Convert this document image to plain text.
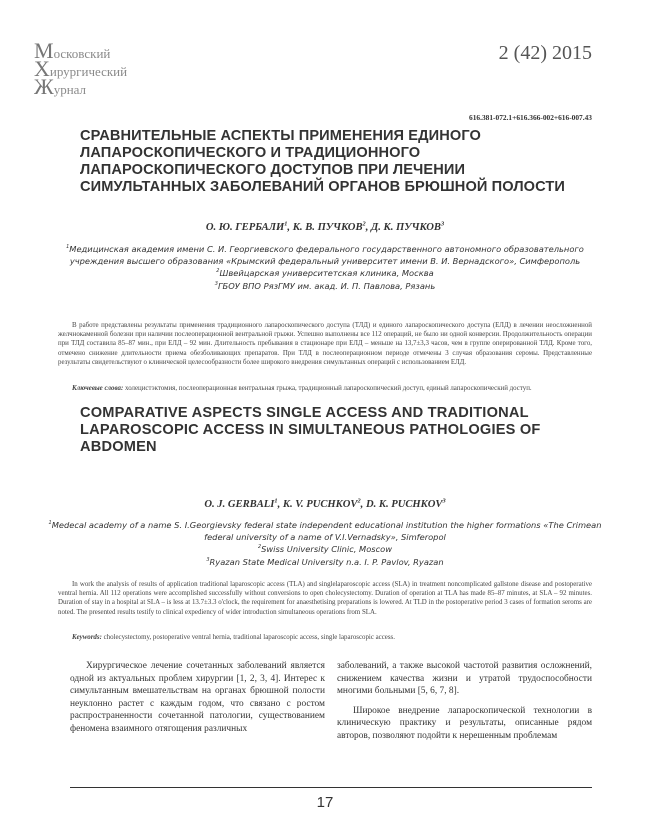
Московский
Хирургический
Журнал
2 (42) 2015
616.381-072.1+616.366-002+616-007.43
СРАВНИТЕЛЬНЫЕ АСПЕКТЫ ПРИМЕНЕНИЯ ЕДИНОГО ЛАПАРОСКОПИЧЕСКОГО И ТРАДИЦИОННОГО ЛАПАРОСКОПИЧЕСКОГО ДОСТУПОВ ПРИ ЛЕЧЕНИИ СИМУЛЬТАННЫХ ЗАБОЛЕВАНИЙ ОРГАНОВ БРЮШНОЙ ПОЛОСТИ
О. Ю. ГЕРБАЛИ$^1$, К. В. ПУЧКОВ$^2$, Д. К. ПУЧКОВ$^3$
$^1$Медицинская академия имени С. И. Георгиевского федерального государственного автономного образовательного учреждения высшего образования «Крымский федеральный университет имени В. И. Вернадского», Симферополь
$^2$Швейцарская университетская клиника, Москва
$^3$ГБОУ ВПО РязГМУ им. акад. И. П. Павлова, Рязань
В работе представлены результаты применения традиционного лапароскопического доступа (ТЛД) и единого лапароскопического доступа (ЕЛД) в лечении неосложненной желчнокаменной болезни при наличии послеоперационной вентральной грыжи. Успешно выполнены все 112 операций, не было ни одной конверсии. Продолжительность операции при ТЛД составила 85–87 мин., при ЕЛД – 92 мин. Длительность пребывания в стационаре при ЕЛД – меньше на 13,7±3,3 часов, чем в группе оперированной ТЛД. Кроме того, отмечено снижение длительности приема обезболивающих препаратов. При ТЛД в послеоперационном периоде отмечены 3 случая образования серомы. Представленные результаты свидетельствуют о клинической целесообразности более широкого внедрения симультанных операций с использованием ЕЛД.
Ключевые слова: холецистэктомия, послеоперационная вентральная грыжа, традиционный лапароскопический доступ, единый лапароскопический доступ.
COMPARATIVE ASPECTS SINGLE ACCESS AND TRADITIONAL LAPAROSCOPIC ACCESS IN SIMULTANEOUS PATHOLOGIES OF ABDOMEN
O. J. GERBALI$^1$, K. V. PUCHKOV$^2$, D. K. PUCHKOV$^3$
$^1$Medecal academy of a name S. I.Georgievsky federal state independent educational institution the higher formations «The Crimean federal university of a name of V.I.Vernadsky», Simferopol
$^2$Swiss University Clinic, Moscow
$^3$Ryazan State Medical University n.a. I. P. Pavlov, Ryazan
In work the analysis of results of application traditional laparoscopic access (TLA) and singlelaparoscopic access (SLA) in treatment noncomplicated gallstone disease and postoperative ventral hernia. All 112 operations were accomplished successfully without conversions to open cholecystectomy. Duration of operation at TLA has made 85–87 minutes, at SLA – 92 minutes. Duration of stay in a hospital at SLA – is less at 13.7±3.3 o'clock, the requirement for anaesthetising preparations is lowered. At TLD in the postoperative period 3 cases of formation seroms are noted. The presented results testify to clinical expediency of wider introduction simultaneous operations from SLA.
Keywords: cholecystectomy, postoperative ventral hernia, traditional laparoscopic access, single laparoscopic access.

Хирургическое лечение сочетанных заболеваний является одной из актуальных проблем хирургии [1, 2, 3, 4]. Интерес к симультанным вмешательствам на органах брюшной полости неуклонно растет с каждым годом, что связано с ростом распространенности сочетанной патологии, существованием феноменa взаимного отягощения различных

заболеваний, а также высокой частотой развития осложнений, снижением качества жизни и утратой трудоспособности многими больными [5, 6, 7, 8].

Широкое внедрение лапароскопической технологии в клиническую практику и результаты, описанные рядом авторов, позволяют подойти к нерешенным проблемам

17
